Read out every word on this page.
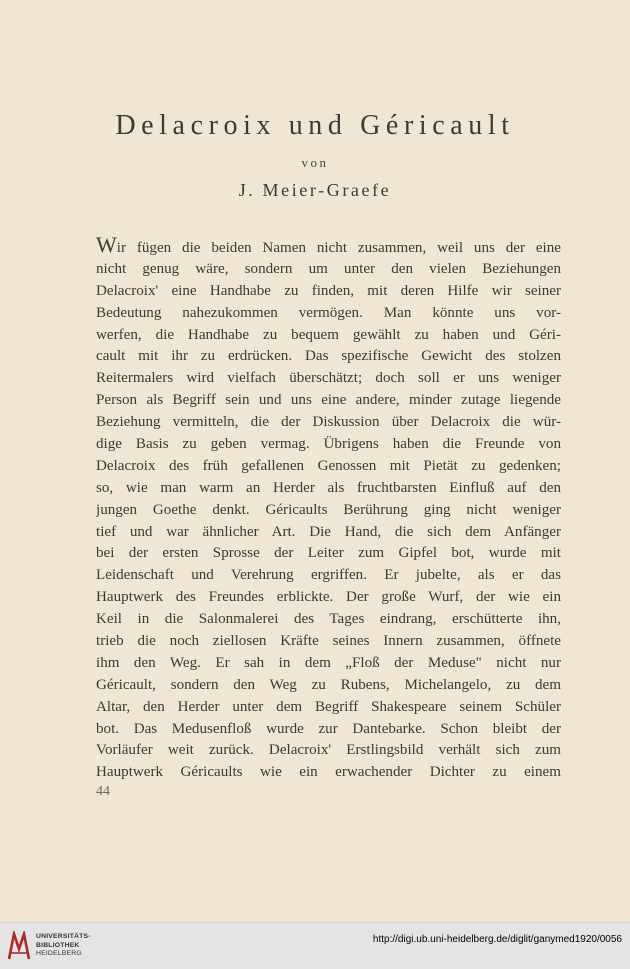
Delacroix und Géricault
von
J. Meier-Graefe
Wir fügen die beiden Namen nicht zusammen, weil uns der eine
nicht genug wäre, sondern um unter den vielen Beziehungen
Delacroix' eine Handhabe zu finden, mit deren Hilfe wir seiner
Bedeutung nahezukommen vermögen. Man könnte uns vor-
werfen, die Handhabe zu bequem gewählt zu haben und Géri-
cault mit ihr zu erdrücken. Das spezifische Gewicht des stolzen
Reitermalers wird vielfach überschätzt; doch soll er uns weniger
Person als Begriff sein und uns eine andere, minder zutage liegende
Beziehung vermitteln, die der Diskussion über Delacroix die wür-
dige Basis zu geben vermag. Übrigens haben die Freunde von
Delacroix des früh gefallenen Genossen mit Pietät zu gedenken;
so, wie man warm an Herder als fruchtbarsten Einfluß auf den
jungen Goethe denkt. Géricaults Berührung ging nicht weniger
tief und war ähnlicher Art. Die Hand, die sich dem Anfänger
bei der ersten Sprosse der Leiter zum Gipfel bot, wurde mit
Leidenschaft und Verehrung ergriffen. Er jubelte, als er das
Hauptwerk des Freundes erblickte. Der große Wurf, der wie ein
Keil in die Salonmalerei des Tages eindrang, erschütterte ihn,
trieb die noch ziellosen Kräfte seines Innern zusammen, öffnete
ihm den Weg. Er sah in dem „Floß der Meduse" nicht nur
Géricault, sondern den Weg zu Rubens, Michelangelo, zu dem
Altar, den Herder unter dem Begriff Shakespeare seinem Schüler
bot. Das Medusenfloß wurde zur Dantebarke. Schon bleibt der
Vorläufer weit zurück. Delacroix' Erstlingsbild verhält sich zum
Hauptwerk Géricaults wie ein erwachender Dichter zu einem
44
UNIVERSITÄTS-
BIBLIOTHEK
HEIDELBERG
http://digi.ub.uni-heidelberg.de/diglit/ganymed1920/0056
